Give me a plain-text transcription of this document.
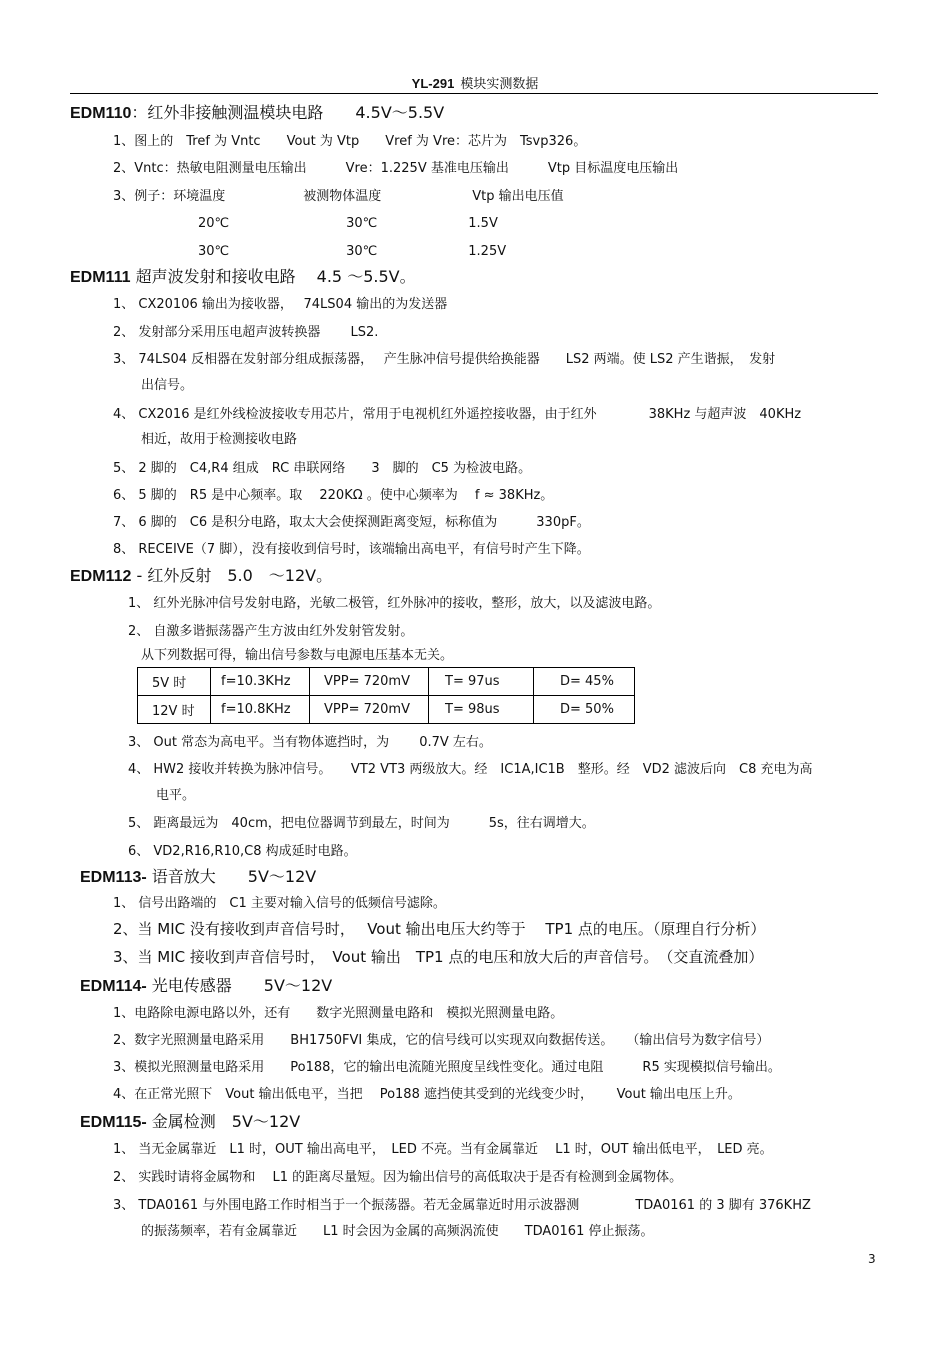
YL-291 模块实测数据
EDM110：红外非接触测温模块电路　　4.5V～5.5V
1、图上的　Tref 为 Vntc　　Vout 为 Vtp　　Vref 为 Vre：芯片为　Tsvp326。
2、Vntc：热敏电阻测量电压输出　　　Vre：1.225V 基准电压输出　　　Vtp 目标温度电压输出
3、例子：环境温度　　　　　　被测物体温度　　　　　　　Vtp 输出电压值
20℃　　　　　　　　　30℃　　　　　　　1.5V
30℃　　　　　　　　　30℃　　　　　　　1.25V
EDM111 超声波发射和接收电路　 4.5 ～5.5V。
1、 CX20106 输出为接收器，　 74LS04 输出的为发送器
2、 发射部分采用压电超声波转换器　　 LS2.
3、 74LS04 反相器在发射部分组成振荡器，　 产生脉冲信号提供给换能器　　LS2 两端。使 LS2 产生谐振，　发射
出信号。
4、 CX2016 是红外线检波接收专用芯片，常用于电视机红外遥控接收器，由于红外　　　　38KHz 与超声波　40KHz
相近，故用于检测接收电路
5、 2 脚的　C4,R4 组成　RC 串联网络　　3　脚的　C5 为检波电路。
6、 5 脚的　R5 是中心频率。取　 220KΩ 。使中心频率为　 f ≈ 38KHz。
7、 6 脚的　C6 是积分电路，取太大会使探测距离变短，标称值为　　　330pF。
8、 RECEIVE（7 脚），没有接收到信号时，该端输出高电平，有信号时产生下降。
EDM112 - 红外反射　5.0　～12V。
1、 红外光脉冲信号发射电路，光敏二极管，红外脉冲的接收，整形，放大，以及滤波电路。
2、 自激多谐振荡器产生方波由红外发射管发射。
从下列数据可得，输出信号参数与电源电压基本无关。
3、 Out 常态为高电平。当有物体遮挡时，为　　 0.7V 左右。
4、 HW2 接收并转换为脉冲信号。　　VT2 VT3 两级放大。经　IC1A,IC1B　整形。经　VD2 滤波后向　C8 充电为高
电平。
5、 距离最远为　40cm，把电位器调节到最左，时间为　　　5s，往右调增大。
6、 VD2,R16,R10,C8 构成延时电路。
EDM113- 语音放大　　5V～12V
1、 信号出路端的　C1 主要对输入信号的低频信号滤除。
2、当 MIC 没有接收到声音信号时，　 Vout 输出电压大约等于　 TP1 点的电压。（原理自行分析）
3、当 MIC 接收到声音信号时，　Vout 输出　TP1 点的电压和放大后的声音信号。　（交直流叠加）
EDM114- 光电传感器　　5V～12V
1、电路除电源电路以外，还有　　数字光照测量电路和　模拟光照测量电路。
2、数字光照测量电路采用　　BH1750FVI 集成，它的信号线可以实现双向数据传送。　　（输出信号为数字信号）
3、模拟光照测量电路采用　　Po188，它的输出电流随光照度呈线性变化。通过电阻　　　R5 实现模拟信号输出。
4、在正常光照下　Vout 输出低电平，当把　 Po188 遮挡使其受到的光线变少时，　　 Vout 输出电压上升。
EDM115- 金属检测　5V～12V
1、 当无金属靠近　L1 时，OUT 输出高电平，　LED 不亮。当有金属靠近　 L1 时，OUT 输出低电平，　LED 亮。
2、 实践时请将金属物和　 L1 的距离尽量短。因为输出信号的高低取决于是否有检测到金属物体。
3、 TDA0161 与外围电路工作时相当于一个振荡器。若无金属靠近时用示波器测　　　　 TDA0161 的 3 脚有 376KHZ
的振荡频率，若有金属靠近　　L1 时会因为金属的高频涡流使　　TDA0161 停止振荡。
5V 时	f=10.3KHz	VPP= 720mV	T= 97us	D= 45%
12V 时	f=10.8KHz	VPP= 720mV	T= 98us	D= 50%
3
